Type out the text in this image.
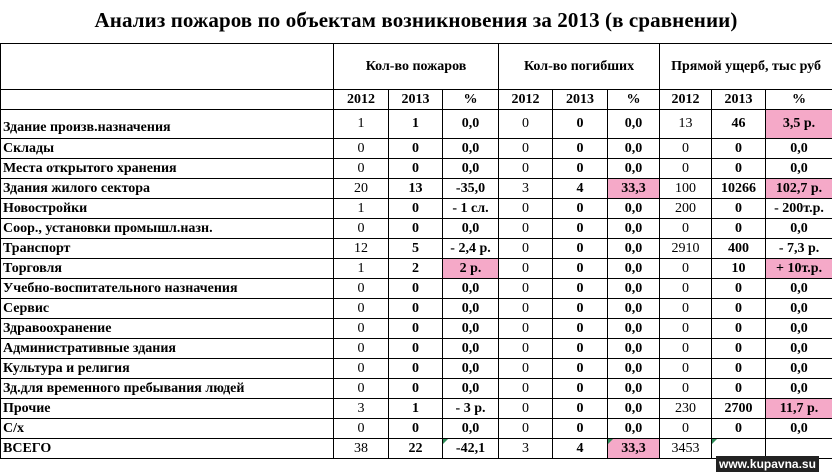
Анализ пожаров по объектам возникновения за 2013 (в сравнении)
	Кол-во пожаров			Кол-во погибших			Прямой ущерб, тыс руб		
	2012	2013	%	2012	2013	%	2012	2013	%
Здание произв.назначения	1	1	0,0	0	0	0,0	13	46	3,5 р.
Склады	0	0	0,0	0	0	0,0	0	0	0,0
Места открытого хранения	0	0	0,0	0	0	0,0	0	0	0,0
Здания жилого сектора	20	13	-35,0	3	4	33,3	100	10266	102,7 р.
Новостройки	1	0	- 1 сл.	0	0	0,0	200	0	- 200т.р.
Соор., установки промышл.назн.	0	0	0,0	0	0	0,0	0	0	0,0
Транспорт	12	5	- 2,4 р.	0	0	0,0	2910	400	- 7,3 р.
Торговля	1	2	2 р.	0	0	0,0	0	10	+ 10т.р.
Учебно-воспитательного назначения	0	0	0,0	0	0	0,0	0	0	0,0
Сервис	0	0	0,0	0	0	0,0	0	0	0,0
Здравоохранение	0	0	0,0	0	0	0,0	0	0	0,0
Административные здания	0	0	0,0	0	0	0,0	0	0	0,0
Культура и религия	0	0	0,0	0	0	0,0	0	0	0,0
Зд.для временного пребывания людей	0	0	0,0	0	0	0,0	0	0	0,0
Прочие	3	1	- 3 р.	0	0	0,0	230	2700	11,7 р.
С/х	0	0	0,0	0	0	0,0	0	0	0,0
ВСЕГО	38	22	-42,1	3	4	33,3	3453		
www.kupavna.su
